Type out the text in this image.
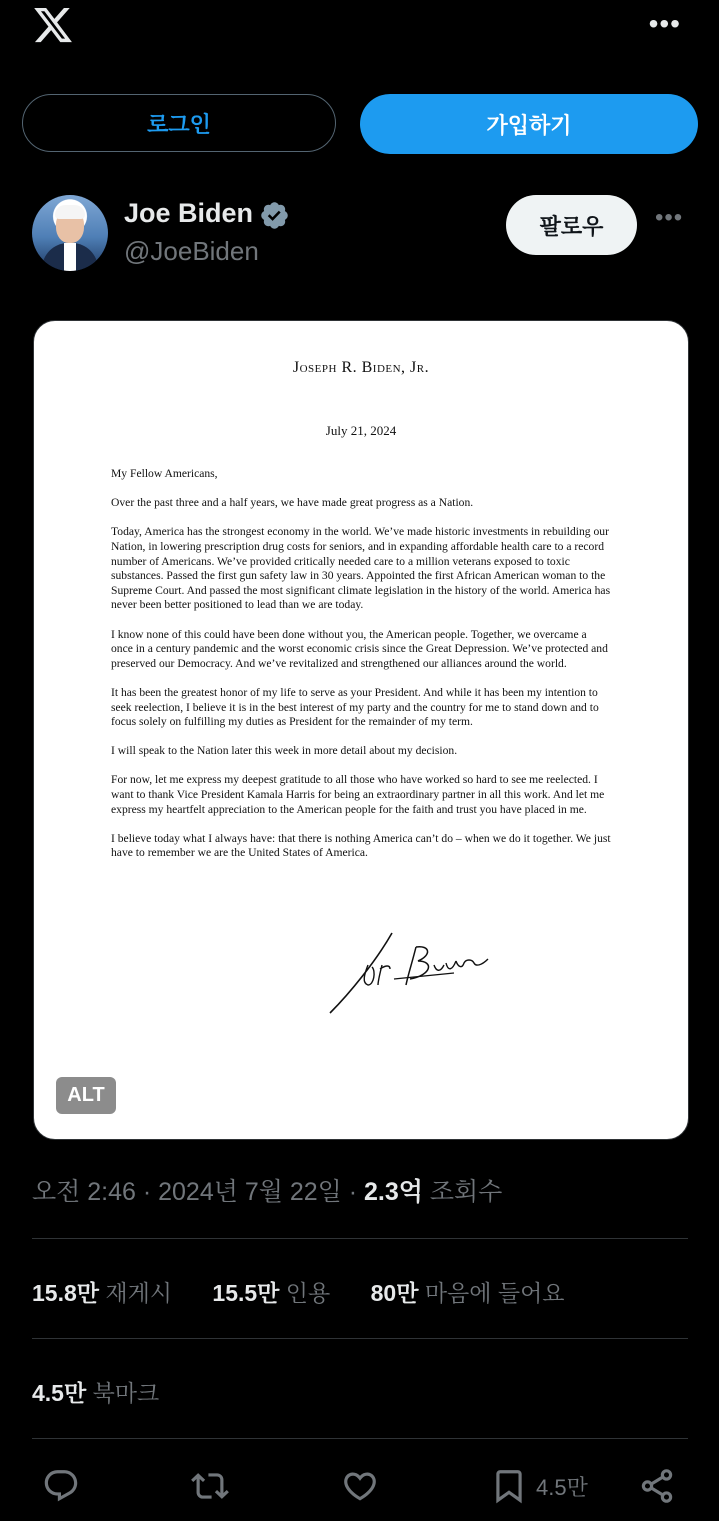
•••
로그인	가입하기
Joe Biden
@JoeBiden
팔로우	•••
Joseph R. Biden, Jr.
July 21, 2024

My Fellow Americans,

Over the past three and a half years, we have made great progress as a Nation.

Today, America has the strongest economy in the world. We’ve made historic investments in rebuilding our Nation, in lowering prescription drug costs for seniors, and in expanding affordable health care to a record number of Americans. We’ve provided critically needed care to a million veterans exposed to toxic substances. Passed the first gun safety law in 30 years. Appointed the first African American woman to the Supreme Court. And passed the most significant climate legislation in the history of the world. America has never been better positioned to lead than we are today.

I know none of this could have been done without you, the American people. Together, we overcame a once in a century pandemic and the worst economic crisis since the Great Depression. We’ve protected and preserved our Democracy. And we’ve revitalized and strengthened our alliances around the world.

It has been the greatest honor of my life to serve as your President. And while it has been my intention to seek reelection, I believe it is in the best interest of my party and the country for me to stand down and to focus solely on fulfilling my duties as President for the remainder of my term.

I will speak to the Nation later this week in more detail about my decision.

For now, let me express my deepest gratitude to all those who have worked so hard to see me reelected. I want to thank Vice President Kamala Harris for being an extraordinary partner in all this work. And let me express my heartfelt appreciation to the American people for the faith and trust you have placed in me.

I believe today what I always have: that there is nothing America can’t do – when we do it together. We just have to remember we are the United States of America.

ALT
오전 2:46 · 2024년 7월 22일 · 2.3억 조회수
15.8만 재게시 15.5만 인용 80만 마음에 들어요
4.5만 북마크
4.5만
